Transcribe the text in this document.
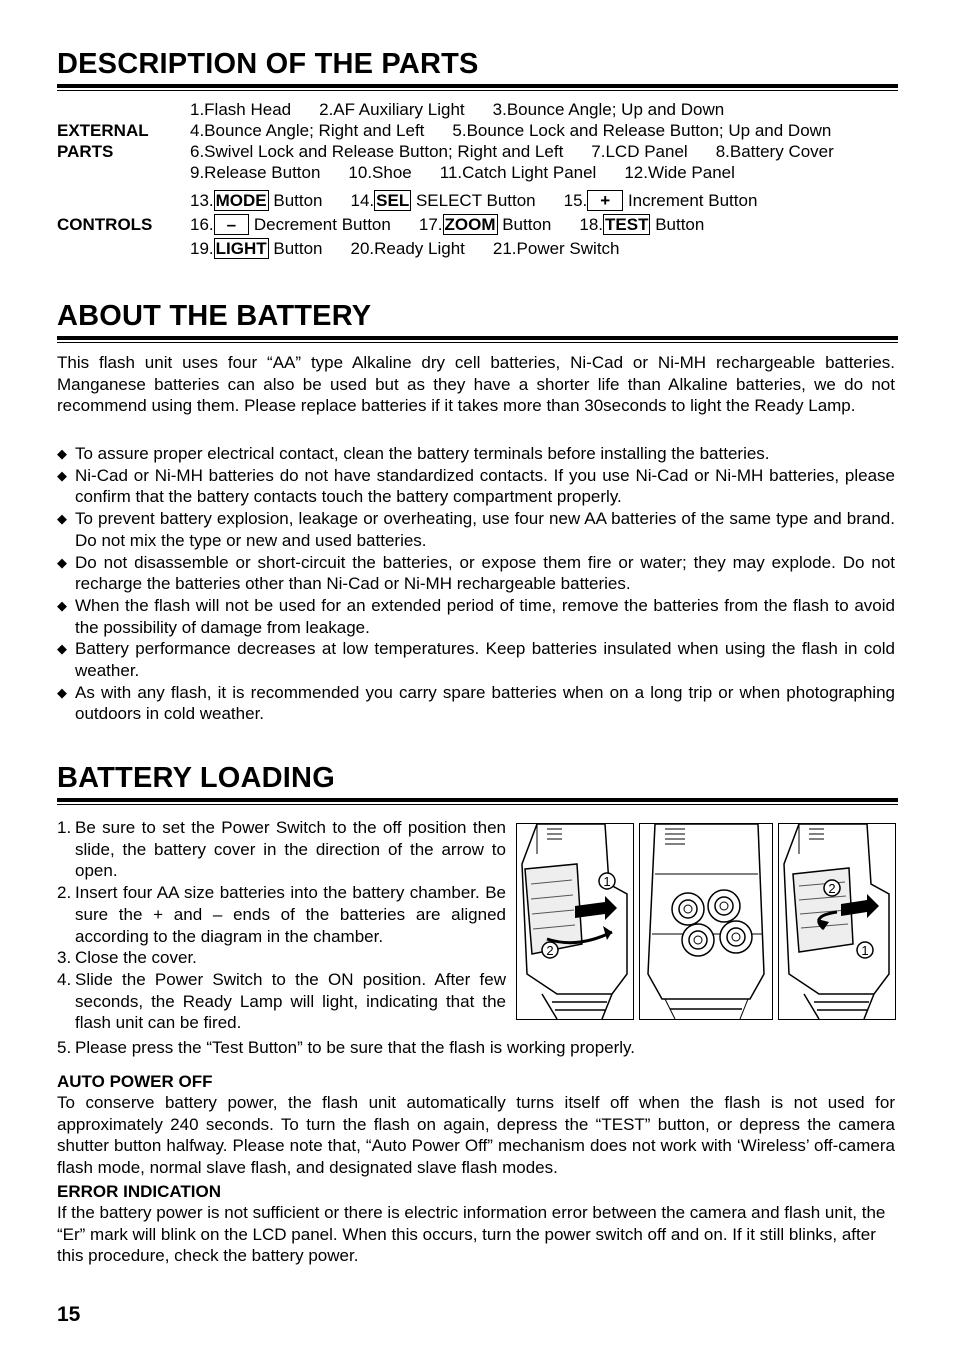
DESCRIPTION OF THE PARTS
EXTERNAL
PARTS
1.Flash Head 2.AF Auxiliary Light 3.Bounce Angle; Up and Down
4.Bounce Angle; Right and Left 5.Bounce Lock and Release Button; Up and Down
6.Swivel Lock and Release Button; Right and Left 7.LCD Panel 8.Battery Cover
9.Release Button 10.Shoe 11.Catch Light Panel 12.Wide Panel
CONTROLS
13. MODE Button 14. SEL SELECT Button 15. + Increment Button
16. – Decrement Button 17. ZOOM Button 18. TEST Button
19. LIGHT Button 20.Ready Light 21.Power Switch
ABOUT THE BATTERY
This flash unit uses four “AA” type Alkaline dry cell batteries, Ni-Cad or Ni-MH rechargeable batteries. Manganese batteries can also be used but as they have a shorter life than Alkaline batteries, we do not recommend using them. Please replace batteries if it takes more than 30seconds to light the Ready Lamp.
◆ To assure proper electrical contact, clean the battery terminals before installing the batteries.
◆ Ni-Cad or Ni-MH batteries do not have standardized contacts. If you use Ni-Cad or Ni-MH batteries, please confirm that the battery contacts touch the battery compartment properly.
◆ To prevent battery explosion, leakage or overheating, use four new AA batteries of the same type and brand. Do not mix the type or new and used batteries.
◆ Do not disassemble or short-circuit the batteries, or expose them fire or water; they may explode. Do not recharge the batteries other than Ni-Cad or Ni-MH rechargeable batteries.
◆ When the flash will not be used for an extended period of time, remove the batteries from the flash to avoid the possibility of damage from leakage.
◆ Battery performance decreases at low temperatures. Keep batteries insulated when using the flash in cold weather.
◆ As with any flash, it is recommended you carry spare batteries when on a long trip or when photographing outdoors in cold weather.
BATTERY LOADING
1. Be sure to set the Power Switch to the off position then slide, the battery cover in the direction of the arrow to open.
2. Insert four AA size batteries into the battery chamber. Be sure the + and – ends of the batteries are aligned according to the diagram in the chamber.
3. Close the cover.
4. Slide the Power Switch to the ON position. After few seconds, the Ready Lamp will light, indicating that the flash unit can be fired.
5. Please press the “Test Button” to be sure that the flash is working properly.
1
2
2
1
AUTO POWER OFF
To conserve battery power, the flash unit automatically turns itself off when the flash is not used for approximately 240 seconds. To turn the flash on again, depress the “TEST” button, or depress the camera shutter button halfway. Please note that, “Auto Power Off” mechanism does not work with ‘Wireless’ off-camera flash mode, normal slave flash, and designated slave flash modes.
ERROR INDICATION
If the battery power is not sufficient or there is electric information error between the camera and flash unit, the “Er” mark will blink on the LCD panel. When this occurs, turn the power switch off and on. If it still blinks, after this procedure, check the battery power.
15
